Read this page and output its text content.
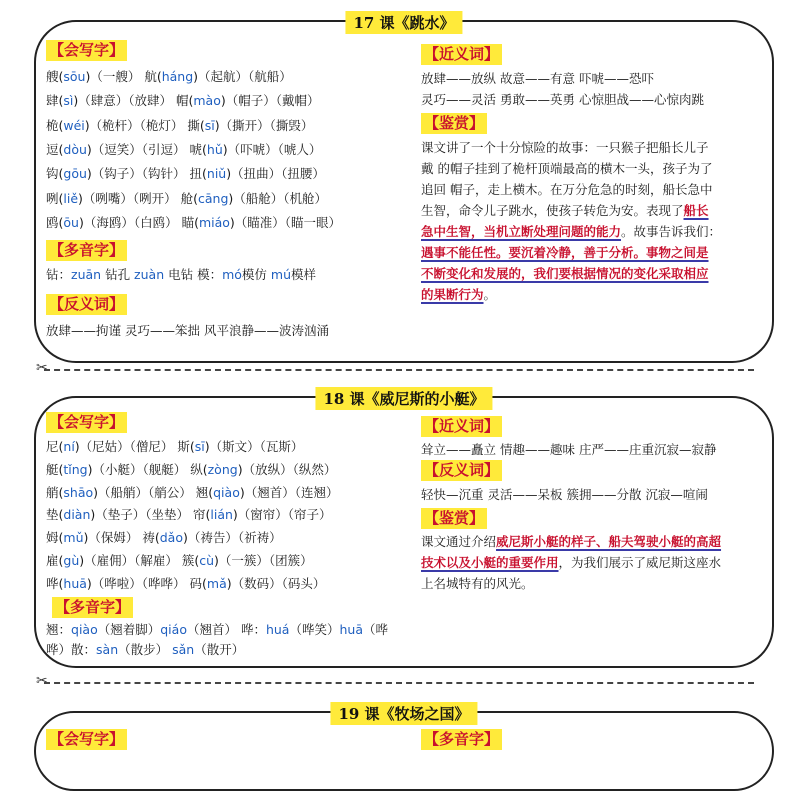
17 课《跳水》
【会写字】
艘(sōu)（一艘） 航(háng)（起航）（航船）
肆(sì)（肆意）（放肆） 帽(mào)（帽子）（戴帽）
桅(wéi)（桅杆）（桅灯） 撕(sī)（撕开）（撕毁）
逗(dòu)（逗笑）（引逗） 唬(hǔ)（吓唬）（唬人）
钩(gōu)（钩子）（钩针） 扭(niǔ)（扭曲）（扭腰）
咧(liě)（咧嘴）（咧开） 舱(cāng)（船舱）（机舱）
鸥(ōu)（海鸥）（白鸥） 瞄(miáo)（瞄准）（瞄一眼）
【多音字】
钻：zuān 钻孔 zuàn 电钻 模：mó模仿 mú模样
【反义词】
放肆——拘谨 灵巧——笨拙 风平浪静——波涛汹涌
【近义词】
放肆——放纵 故意——有意 吓唬——恐吓
灵巧——灵活 勇敢——英勇 心惊胆战——心惊肉跳
【鉴赏】
课文讲了一个十分惊险的故事：一只猴子把船长儿子
戴 的帽子挂到了桅杆顶端最高的横木一头，孩子为了
追回 帽子，走上横木。在万分危急的时刻，船长急中
生智，命令儿子跳水，使孩子转危为安。表现了船长
急中生智，当机立断处理问题的能力。故事告诉我们：
遇事不能任性。要沉着冷静，善于分析。事物之间是
不断变化和发展的，我们要根据情况的变化采取相应
的果断行为。
✂
18 课《威尼斯的小艇》
【会写字】
尼(ní)（尼姑）（僧尼） 斯(sī)（斯文）（瓦斯）
艇(tǐng)（小艇）（舰艇） 纵(zòng)（放纵）（纵然）
艄(shāo)（船艄）（艄公） 翘(qiào)（翘首）（连翘）
垫(diàn)（垫子）（坐垫） 帘(lián)（窗帘）（帘子）
姆(mǔ)（保姆） 祷(dǎo)（祷告）（祈祷）
雇(gù)（雇佣）（解雇） 簇(cù)（一簇）（团簇）
哗(huā)（哗啦）（哗哗） 码(mǎ)（数码）（码头）
【多音字】
翘：qiào（翘着脚）qiáo（翘首） 哗：huá（哗笑）huā（哗
哗）散：sàn（散步） sǎn（散开）
【近义词】
耸立——矗立 情趣——趣味 庄严——庄重沉寂—寂静
【反义词】
轻快—沉重 灵活——呆板 簇拥——分散 沉寂—喧闹
【鉴赏】
课文通过介绍威尼斯小艇的样子、船夫驾驶小艇的高超
技术以及小艇的重要作用，为我们展示了威尼斯这座水
上名城特有的风光。
✂
19 课《牧场之国》
【会写字】	【多音字】
